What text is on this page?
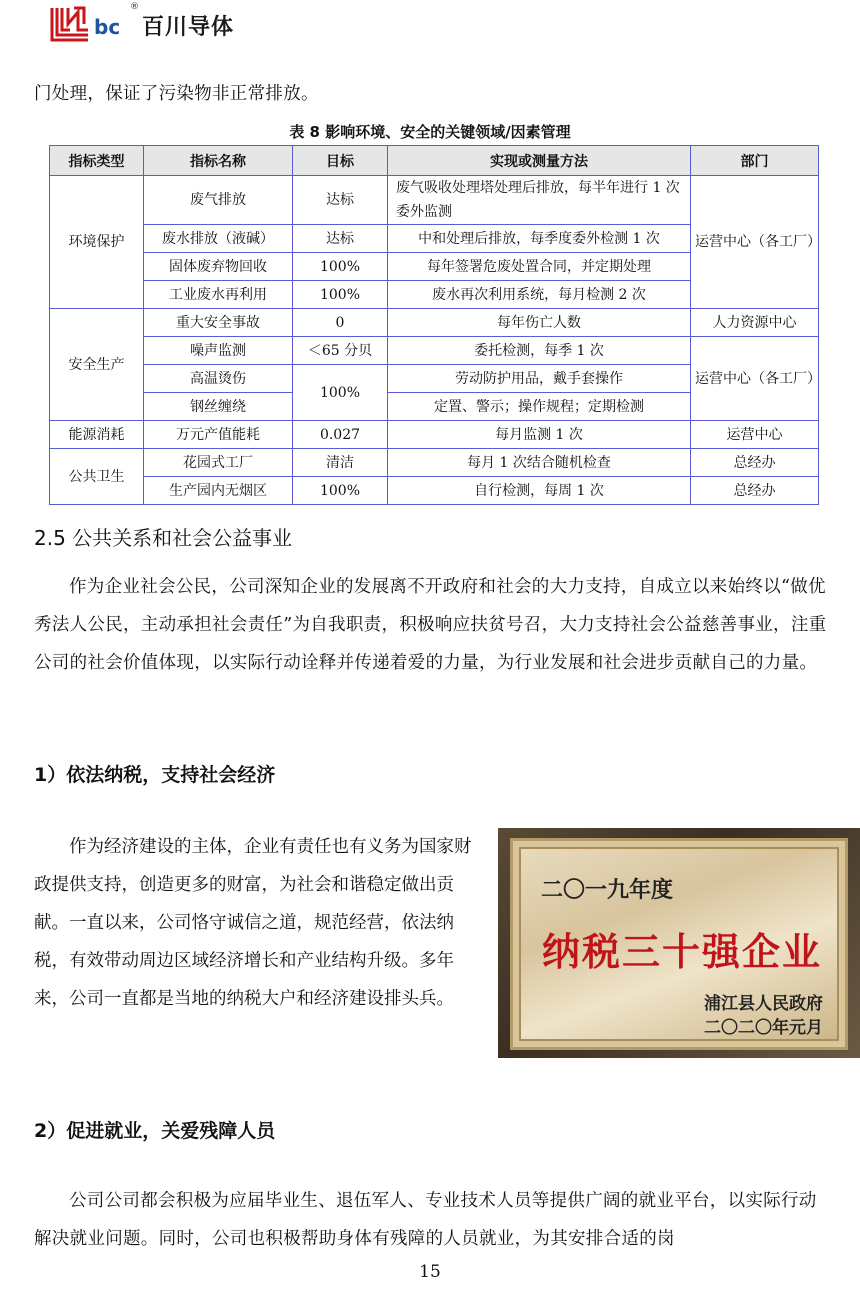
bc
®
百川导体
门处理，保证了污染物非正常排放。
表 8 影响环境、安全的关键领域/因素管理
指标类型	指标名称	目标	实现或测量方法	部门
环境保护	废气排放	达标	废气吸收处理塔处理后排放，每半年进行 1 次委外监测	运营中心（各工厂）
	废水排放（液碱）	达标	中和处理后排放，每季度委外检测 1 次	
	固体废弃物回收	100%	每年签署危废处置合同，并定期处理	
	工业废水再利用	100%	废水再次利用系统，每月检测 2 次	
安全生产	重大安全事故	0	每年伤亡人数	人力资源中心
	噪声监测	＜65 分贝	委托检测，每季 1 次	运营中心（各工厂）
	高温烫伤	100%	劳动防护用品，戴手套操作	
	钢丝缠绕		定置、警示；操作规程；定期检测	
能源消耗	万元产值能耗	0.027	每月监测 1 次	运营中心
公共卫生	花园式工厂	清洁	每月 1 次结合随机检查	总经办
	生产园内无烟区	100%	自行检测，每周 1 次	总经办
2.5 公共关系和社会公益事业
作为企业社会公民，公司深知企业的发展离不开政府和社会的大力支持，自成立以来始终以“做优秀法人公民，主动承担社会责任”为自我职责，积极响应扶贫号召，大力支持社会公益慈善事业，注重公司的社会价值体现，以实际行动诠释并传递着爱的力量，为行业发展和社会进步贡献自己的力量。
1）依法纳税，支持社会经济
作为经济建设的主体，企业有责任也有义务为国家财政提供支持，创造更多的财富，为社会和谐稳定做出贡献。一直以来，公司恪守诚信之道，规范经营，依法纳税，有效带动周边区域经济增长和产业结构升级。多年来，公司一直都是当地的纳税大户和经济建设排头兵。
二〇一九年度
纳税三十强企业
浦江县人民政府
二〇二〇年元月
2）促进就业，关爱残障人员
公司公司都会积极为应届毕业生、退伍军人、专业技术人员等提供广阔的就业平台，以实际行动解决就业问题。同时，公司也积极帮助身体有残障的人员就业，为其安排合适的岗
15
